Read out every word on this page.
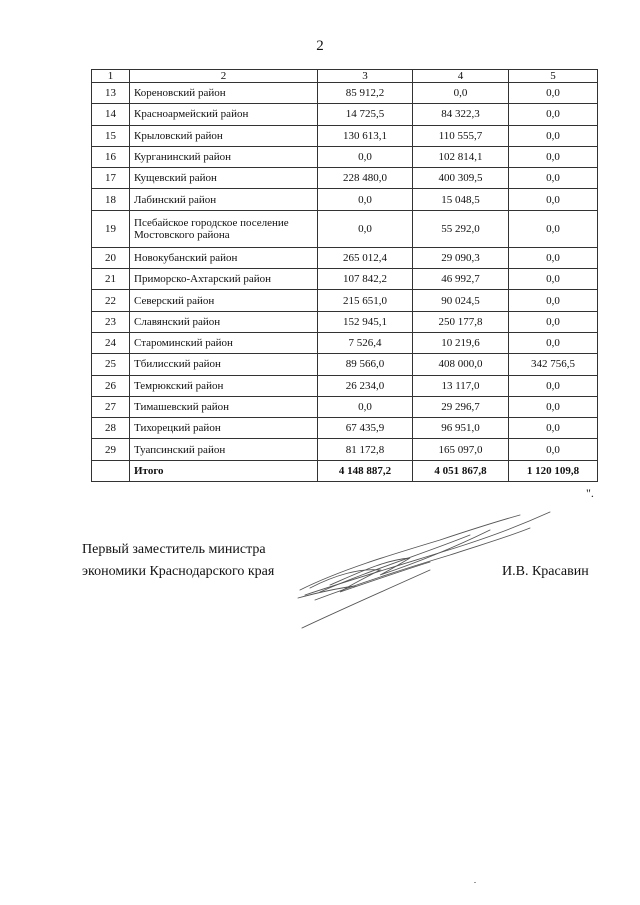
2
1	2	3	4	5
13	Кореновский район	85 912,2	0,0	0,0
14	Красноармейский район	14 725,5	84 322,3	0,0
15	Крыловский район	130 613,1	110 555,7	0,0
16	Курганинский район	0,0	102 814,1	0,0
17	Кущевский район	228 480,0	400 309,5	0,0
18	Лабинский район	0,0	15 048,5	0,0
19	Псебайское городское поселение Мостовского района	0,0	55 292,0	0,0
20	Новокубанский район	265 012,4	29 090,3	0,0
21	Приморско-Ахтарский район	107 842,2	46 992,7	0,0
22	Северский район	215 651,0	90 024,5	0,0
23	Славянский район	152 945,1	250 177,8	0,0
24	Староминский район	7 526,4	10 219,6	0,0
25	Тбилисский район	89 566,0	408 000,0	342 756,5
26	Темрюкский район	26 234,0	13 117,0	0,0
27	Тимашевский район	0,0	29 296,7	0,0
28	Тихорецкий район	67 435,9	96 951,0	0,0
29	Туапсинский район	81 172,8	165 097,0	0,0
	Итого	4 148 887,2	4 051 867,8	1 120 109,8
".
Первый заместитель министра
экономики Краснодарского края	И.В. Красавин
